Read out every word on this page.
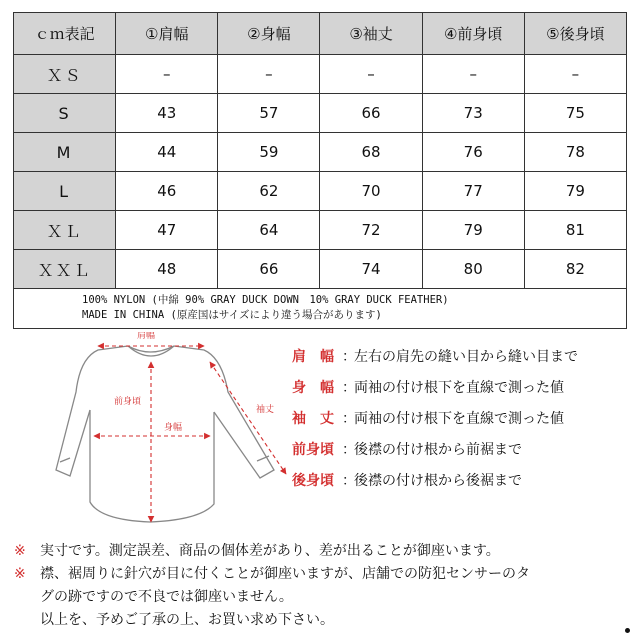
ｃｍ表記	①肩幅	②身幅	③袖丈	④前身頃	⑤後身頃
ＸＳ	–	–	–	–	–
S	43	57	66	73	75
M	44	59	68	76	78
L	46	62	70	77	79
ＸＬ	47	64	72	79	81
ＸＸＬ	48	66	74	80	82

100% NYLON (中綿 90% GRAY DUCK DOWN　10% GRAY DUCK FEATHER)
MADE IN CHINA (原産国はサイズにより違う場合があります)					
肩幅
前身頃
身幅
袖丈
肩　幅 ：左右の肩先の縫い目から縫い目まで
身　幅 ：両袖の付け根下を直線で測った値
袖　丈 ：両袖の付け根下を直線で測った値
前身頃 ：後襟の付け根から前裾まで
後身頃 ：後襟の付け根から後裾まで
※ 実寸です。測定誤差、商品の個体差があり、差が出ることが御座います。
※ 襟、裾周りに針穴が目に付くことが御座いますが、店舗での防犯センサーのタ
グの跡ですので不良では御座いません。
以上を、予めご了承の上、お買い求め下さい。
